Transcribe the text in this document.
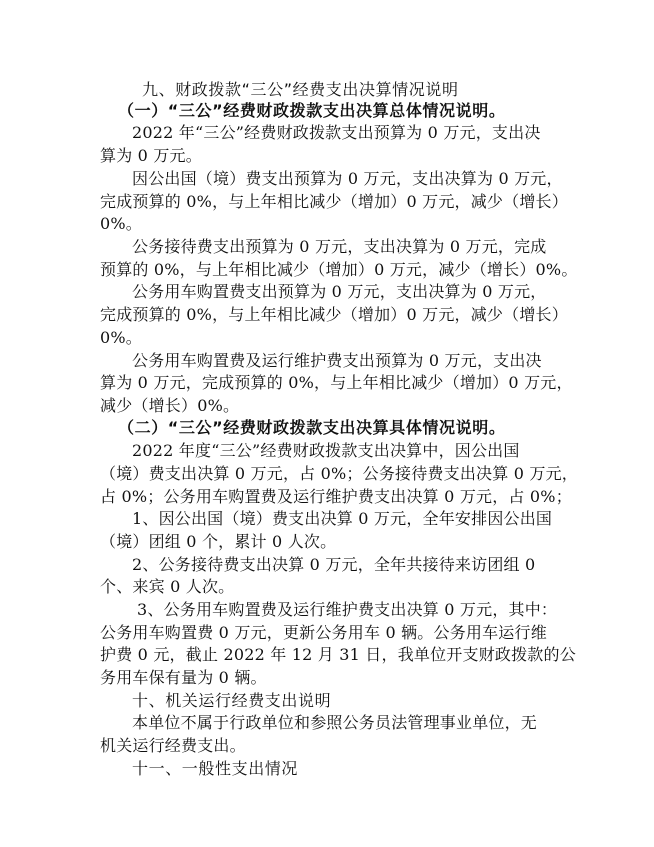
九、财政拨款“三公”经费支出决算情况说明
（一）“三公”经费财政拨款支出决算总体情况说明。
2022 年“三公”经费财政拨款支出预算为 0 万元，支出决
算为 0 万元。
因公出国（境）费支出预算为 0 万元，支出决算为 0 万元，
完成预算的 0%，与上年相比减少（增加）0 万元，减少（增长）
0%。
公务接待费支出预算为 0 万元，支出决算为 0 万元，完成
预算的 0%，与上年相比减少（增加）0 万元，减少（增长）0%。
公务用车购置费支出预算为 0 万元，支出决算为 0 万元，
完成预算的 0%，与上年相比减少（增加）0 万元，减少（增长）
0%。
公务用车购置费及运行维护费支出预算为 0 万元，支出决
算为 0 万元，完成预算的 0%，与上年相比减少（增加）0 万元，
减少（增长）0%。
（二）“三公”经费财政拨款支出决算具体情况说明。
2022 年度“三公”经费财政拨款支出决算中，因公出国
（境）费支出决算 0 万元，占 0%；公务接待费支出决算 0 万元，
占 0%；公务用车购置费及运行维护费支出决算 0 万元，占 0%；
1、因公出国（境）费支出决算 0 万元，全年安排因公出国
（境）团组 0 个，累计 0 人次。
2、公务接待费支出决算 0 万元，全年共接待来访团组 0
个、来宾 0 人次。
3、公务用车购置费及运行维护费支出决算 0 万元，其中：
公务用车购置费 0 万元，更新公务用车 0 辆。公务用车运行维
护费 0 元，截止 2022 年 12 月 31 日，我单位开支财政拨款的公
务用车保有量为 0 辆。
十、机关运行经费支出说明
本单位不属于行政单位和参照公务员法管理事业单位，无
机关运行经费支出。
十一、一般性支出情况
